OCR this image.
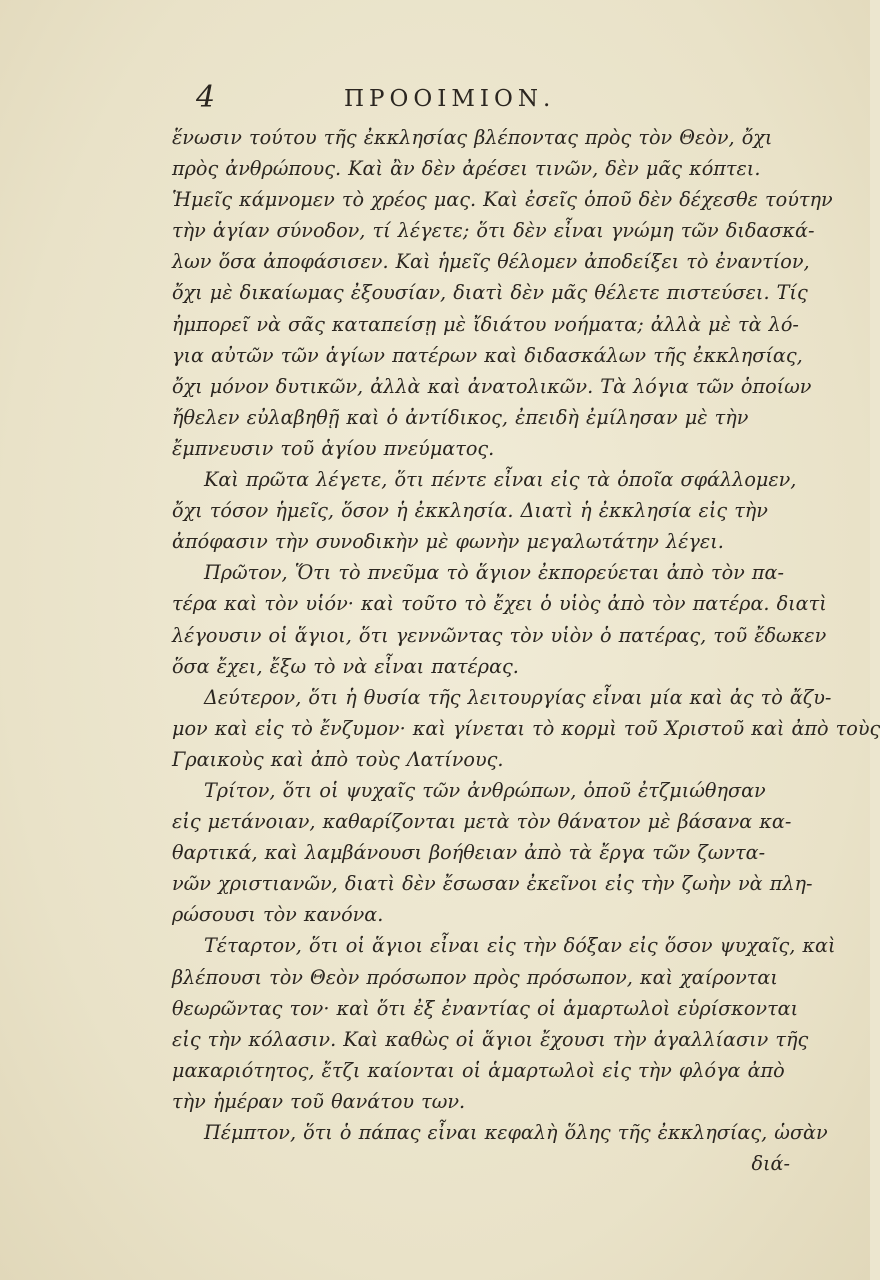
4	ΠΡΟΟΙΜΙΟΝ.
ἕνωσιν τούτου τῆς ἐκκλησίας βλέποντας πρὸς τὸν Θεὸν, ὄχι
πρὸς ἀνθρώπους. Καὶ ἂν δὲν ἀρέσει τινῶν, δὲν μᾶς κόπτει.
Ἡμεῖς κάμνομεν τὸ χρέος μας. Καὶ ἐσεῖς ὁποῦ δὲν δέχεσθε τούτην
τὴν ἁγίαν σύνοδον, τί λέγετε; ὅτι δὲν εἶναι γνώμη τῶν διδασκά-
λων ὅσα ἀποφάσισεν. Καὶ ἡμεῖς θέλομεν ἀποδείξει τὸ ἐναντίον,
ὄχι μὲ δικαίωμας ἐξουσίαν, διατὶ δὲν μᾶς θέλετε πιστεύσει. Τίς
ἠμπορεῖ νὰ σᾶς καταπείσῃ μὲ ἴδιάτου νοήματα; ἀλλὰ μὲ τὰ λό-
για αὐτῶν τῶν ἁγίων πατέρων καὶ διδασκάλων τῆς ἐκκλησίας,
ὄχι μόνον δυτικῶν, ἀλλὰ καὶ ἀνατολικῶν. Τὰ λόγια τῶν ὁποίων
ἤθελεν εὐλαβηθῇ καὶ ὁ ἀντίδικος, ἐπειδὴ ἐμίλησαν μὲ τὴν
ἔμπνευσιν τοῦ ἁγίου πνεύματος.
Καὶ πρῶτα λέγετε, ὅτι πέντε εἶναι εἰς τὰ ὁποῖα σφάλλομεν,
ὄχι τόσον ἡμεῖς, ὅσον ἡ ἐκκλησία. Διατὶ ἡ ἐκκλησία εἰς τὴν
ἀπόφασιν τὴν συνοδικὴν μὲ φωνὴν μεγαλωτάτην λέγει.
Πρῶτον, Ὅτι τὸ πνεῦμα τὸ ἅγιον ἐκπορεύεται ἀπὸ τὸν πα-
τέρα καὶ τὸν υἱόν· καὶ τοῦτο τὸ ἔχει ὁ υἱὸς ἀπὸ τὸν πατέρα. διατὶ
λέγουσιν οἱ ἅγιοι, ὅτι γεννῶντας τὸν υἱὸν ὁ πατέρας, τοῦ ἔδωκεν
ὅσα ἔχει, ἔξω τὸ νὰ εἶναι πατέρας.
Δεύτερον, ὅτι ἡ θυσία τῆς λειτουργίας εἶναι μία καὶ ἀς τὸ ἄζυ-
μον καὶ εἰς τὸ ἔνζυμον· καὶ γίνεται τὸ κορμὶ τοῦ Χριστοῦ καὶ ἀπὸ τοὺς
Γραικοὺς καὶ ἀπὸ τοὺς Λατίνους.
Τρίτον, ὅτι οἱ ψυχαῖς τῶν ἀνθρώπων, ὁποῦ ἐτζμιώθησαν
εἰς μετάνοιαν, καθαρίζονται μετὰ τὸν θάνατον μὲ βάσανα κα-
θαρτικά, καὶ λαμβάνουσι βοήθειαν ἀπὸ τὰ ἔργα τῶν ζωντα-
νῶν χριστιανῶν, διατὶ δὲν ἔσωσαν ἐκεῖνοι εἰς τὴν ζωὴν νὰ πλη-
ρώσουσι τὸν κανόνα.
Τέταρτον, ὅτι οἱ ἅγιοι εἶναι εἰς τὴν δόξαν εἰς ὅσον ψυχαῖς, καὶ
βλέπουσι τὸν Θεὸν πρόσωπον πρὸς πρόσωπον, καὶ χαίρονται
θεωρῶντας τον· καὶ ὅτι ἐξ ἐναντίας οἱ ἁμαρτωλοὶ εὑρίσκονται
εἰς τὴν κόλασιν. Καὶ καθὼς οἱ ἅγιοι ἔχουσι τὴν ἀγαλλίασιν τῆς
μακαριότητος, ἔτζι καίονται οἱ ἁμαρτωλοὶ εἰς τὴν φλόγα ἀπὸ
τὴν ἡμέραν τοῦ θανάτου των.
Πέμπτον, ὅτι ὁ πάπας εἶναι κεφαλὴ ὅλης τῆς ἐκκλησίας, ὡσὰν
διά-
